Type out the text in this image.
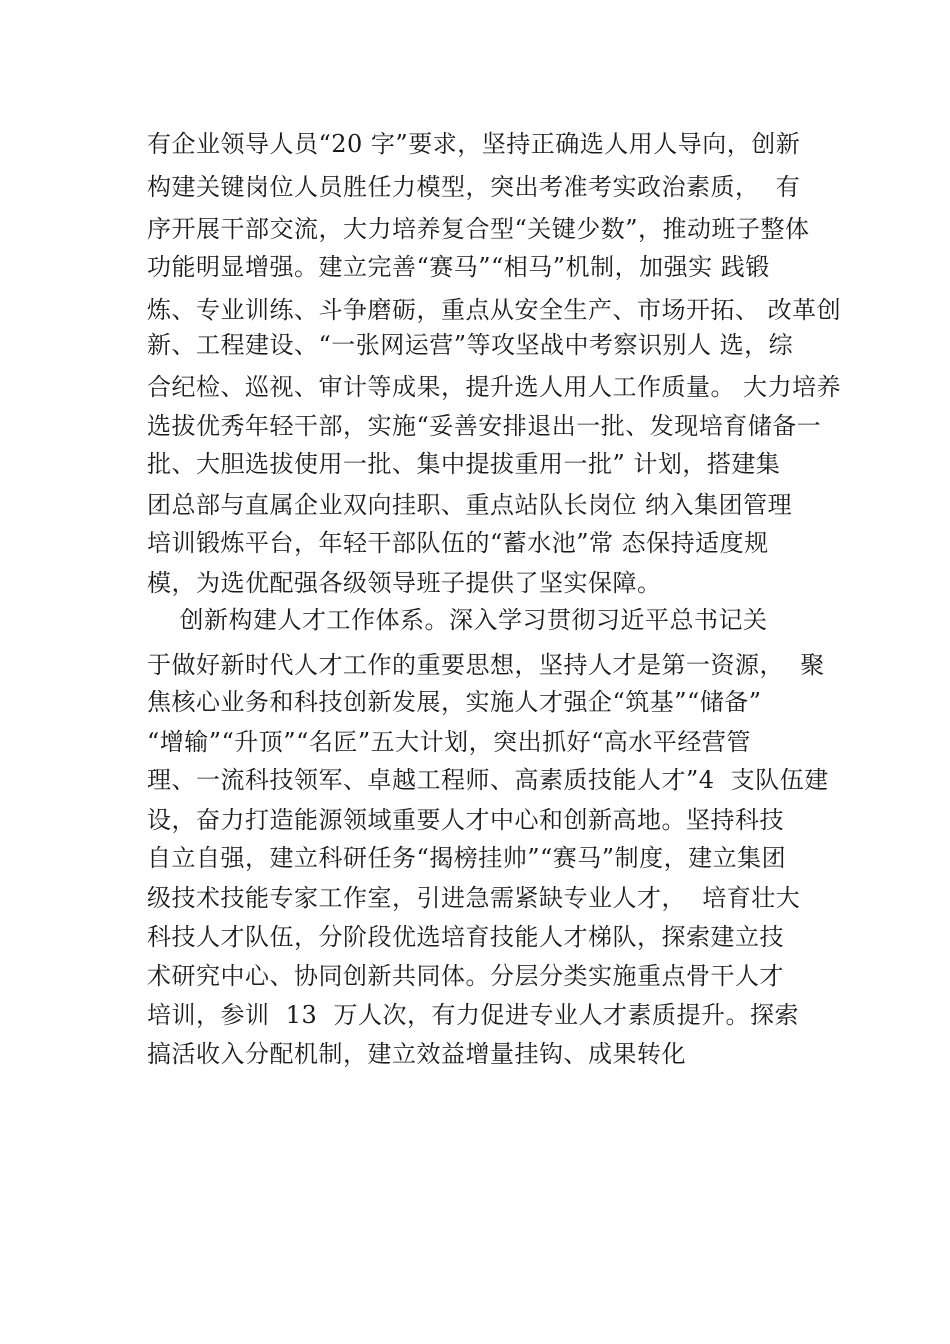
有企业领导人员“20 字”要求，坚持正确选人用人导向，创新
构建关键岗位人员胜任力模型，突出考准考实政治素质，  有
序开展干部交流，大力培养复合型“关键少数”，推动班子整体
功能明显增强。建立完善“赛马”“相马”机制，加强实 践锻
炼、专业训练、斗争磨砺，重点从安全生产、市场开拓、 改革创
新、工程建设、“一张网运营”等攻坚战中考察识别人 选，综
合纪检、巡视、审计等成果，提升选人用人工作质量。 大力培养
选拔优秀年轻干部，实施“妥善安排退出一批、发现培育储备一
批、大胆选拔使用一批、集中提拔重用一批” 计划，搭建集
团总部与直属企业双向挂职、重点站队长岗位 纳入集团管理
培训锻炼平台，年轻干部队伍的“蓄水池”常 态保持适度规
模，为选优配强各级领导班子提供了坚实保障。
创新构建人才工作体系。深入学习贯彻习近平总书记关
于做好新时代人才工作的重要思想，坚持人才是第一资源，  聚
焦核心业务和科技创新发展，实施人才强企“筑基”“储备”
“增输”“升顶”“名匠”五大计划，突出抓好“高水平经营管
理、一流科技领军、卓越工程师、高素质技能人才”4  支队伍建
设，奋力打造能源领域重要人才中心和创新高地。坚持科技
自立自强，建立科研任务“揭榜挂帅”“赛马”制度，建立集团
级技术技能专家工作室，引进急需紧缺专业人才，  培育壮大
科技人才队伍，分阶段优选培育技能人才梯队，探索建立技
术研究中心、协同创新共同体。分层分类实施重点骨干人才
培训，参训  13  万人次，有力促进专业人才素质提升。探索
搞活收入分配机制，建立效益增量挂钩、成果转化
